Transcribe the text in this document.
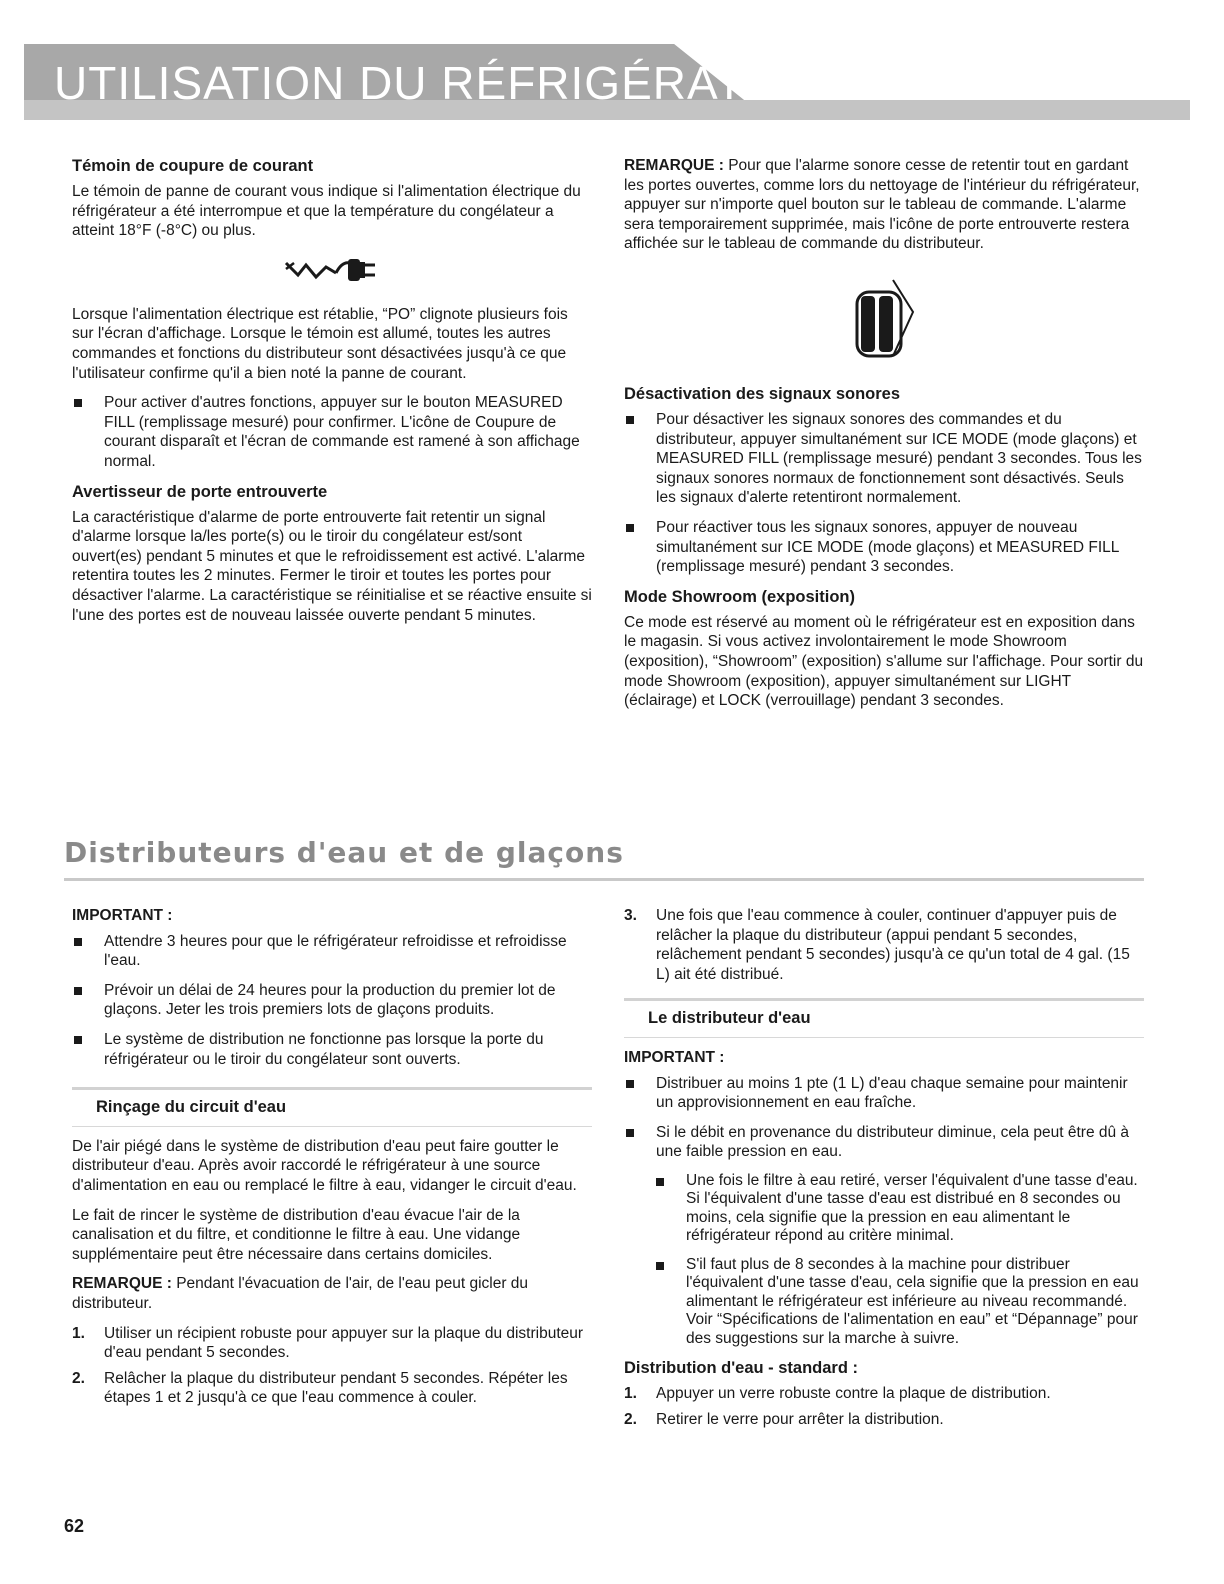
UTILISATION DU RÉFRIGÉRATEUR
Témoin de coupure de courant

Le témoin de panne de courant vous indique si l'alimentation électrique du réfrigérateur a été interrompue et que la température du congélateur a atteint 18°F (-8°C) ou plus.

Lorsque l'alimentation électrique est rétablie, “PO” clignote plusieurs fois sur l'écran d'affichage. Lorsque le témoin est allumé, toutes les autres commandes et fonctions du distributeur sont désactivées jusqu'à ce que l'utilisateur confirme qu'il a bien noté la panne de courant.

Pour activer d'autres fonctions, appuyer sur le bouton MEASURED FILL (remplissage mesuré) pour confirmer. L'icône de Coupure de courant disparaît et l'écran de commande est ramené à son affichage normal.
Avertisseur de porte entrouverte

La caractéristique d'alarme de porte entrouverte fait retentir un signal d'alarme lorsque la/les porte(s) ou le tiroir du congélateur est/sont ouvert(es) pendant 5 minutes et que le refroidissement est activé. L'alarme retentira toutes les 2 minutes. Fermer le tiroir et toutes les portes pour désactiver l'alarme. La caractéristique se réinitialise et se réactive ensuite si l'une des portes est de nouveau laissée ouverte pendant 5 minutes.

REMARQUE : Pour que l'alarme sonore cesse de retentir tout en gardant les portes ouvertes, comme lors du nettoyage de l'intérieur du réfrigérateur, appuyer sur n'importe quel bouton sur le tableau de commande. L'alarme sera temporairement supprimée, mais l'icône de porte entrouverte restera affichée sur le tableau de commande du distributeur.

Désactivation des signaux sonores
Pour désactiver les signaux sonores des commandes et du distributeur, appuyer simultanément sur ICE MODE (mode glaçons) et MEASURED FILL (remplissage mesuré) pendant 3 secondes. Tous les signaux sonores normaux de fonctionnement sont désactivés. Seuls les signaux d'alerte retentiront normalement.
Pour réactiver tous les signaux sonores, appuyer de nouveau simultanément sur ICE MODE (mode glaçons) et MEASURED FILL (remplissage mesuré) pendant 3 secondes.
Mode Showroom (exposition)

Ce mode est réservé au moment où le réfrigérateur est en exposition dans le magasin. Si vous activez involontairement le mode Showroom (exposition), “Showroom” (exposition) s'allume sur l'affichage. Pour sortir du mode Showroom (exposition), appuyer simultanément sur LIGHT (éclairage) et LOCK (verrouillage) pendant 3 secondes.

Distributeurs d'eau et de glaçons

IMPORTANT :

Attendre 3 heures pour que le réfrigérateur refroidisse et refroidisse l'eau.
Prévoir un délai de 24 heures pour la production du premier lot de glaçons. Jeter les trois premiers lots de glaçons produits.
Le système de distribution ne fonctionne pas lorsque la porte du réfrigérateur ou le tiroir du congélateur sont ouverts.
Rinçage du circuit d'eau

De l'air piégé dans le système de distribution d'eau peut faire goutter le distributeur d'eau. Après avoir raccordé le réfrigérateur à une source d'alimentation en eau ou remplacé le filtre à eau, vidanger le circuit d'eau.

Le fait de rincer le système de distribution d'eau évacue l'air de la canalisation et du filtre, et conditionne le filtre à eau. Une vidange supplémentaire peut être nécessaire dans certains domiciles.

REMARQUE : Pendant l'évacuation de l'air, de l'eau peut gicler du distributeur.

1. Utiliser un récipient robuste pour appuyer sur la plaque du distributeur d'eau pendant 5 secondes.
2. Relâcher la plaque du distributeur pendant 5 secondes. Répéter les étapes 1 et 2 jusqu'à ce que l'eau commence à couler.
3. Une fois que l'eau commence à couler, continuer d'appuyer puis de relâcher la plaque du distributeur (appui pendant 5 secondes, relâchement pendant 5 secondes) jusqu'à ce qu'un total de 4 gal. (15 L) ait été distribué.
Le distributeur d'eau

IMPORTANT :

Distribuer au moins 1 pte (1 L) d'eau chaque semaine pour maintenir un approvisionnement en eau fraîche.
Si le débit en provenance du distributeur diminue, cela peut être dû à une faible pression en eau.
Une fois le filtre à eau retiré, verser l'équivalent d'une tasse d'eau. Si l'équivalent d'une tasse d'eau est distribué en 8 secondes ou moins, cela signifie que la pression en eau alimentant le réfrigérateur répond au critère minimal.
S'il faut plus de 8 secondes à la machine pour distribuer l'équivalent d'une tasse d'eau, cela signifie que la pression en eau alimentant le réfrigérateur est inférieure au niveau recommandé. Voir “Spécifications de l'alimentation en eau” et “Dépannage” pour des suggestions sur la marche à suivre.
Distribution d'eau - standard :
1. Appuyer un verre robuste contre la plaque de distribution.
2. Retirer le verre pour arrêter la distribution.
62
